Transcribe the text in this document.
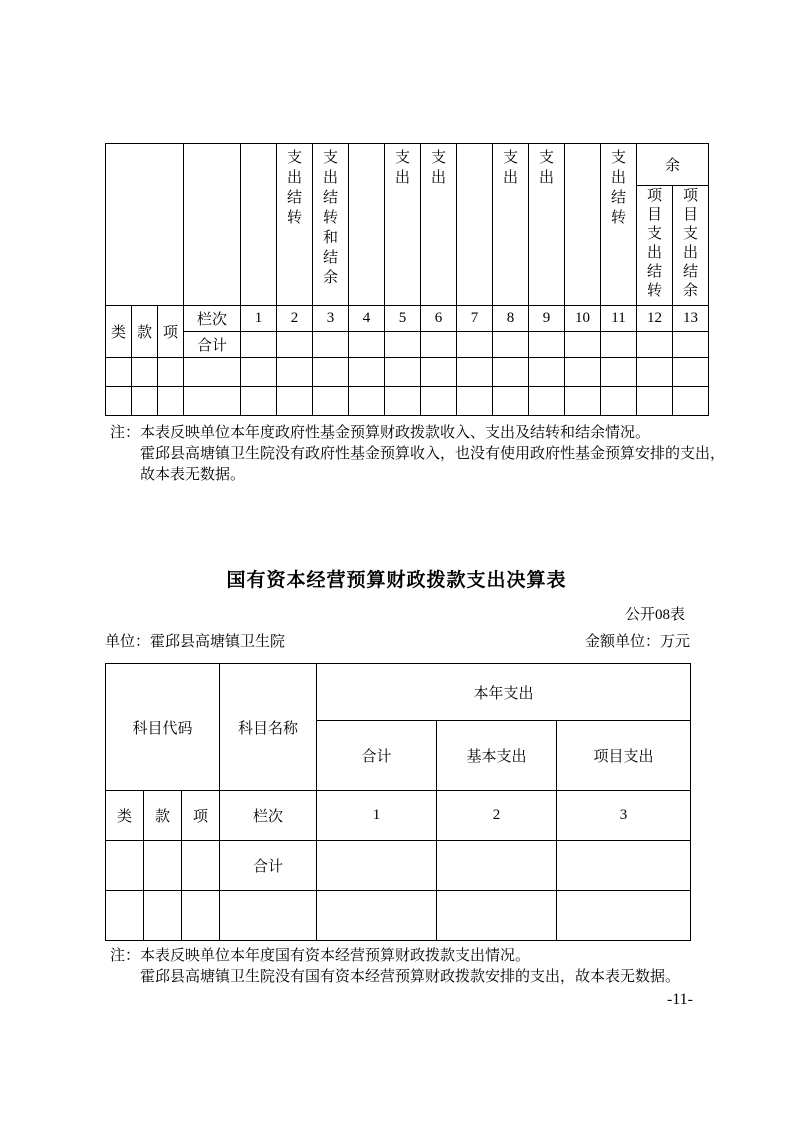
					支出结转	支出结转和结余		支出	支出		支出	支出		支出结转	余	

															项目支出结转	项目支出结余

类	款	项	栏次	1	2	3	4	5	6	7	8	9	10	11	12	13
			合计													

注：本表反映单位本年度政府性基金预算财政拨款收入、支出及结转和结余情况。
霍邱县高塘镇卫生院没有政府性基金预算收入，也没有使用政府性基金预算安排的支出，
故本表无数据。
国有资本经营预算财政拨款支出决算表
公开08表
单位：霍邱县高塘镇卫生院	金额单位：万元
科目代码			科目名称	本年支出		
				合计	基本支出	项目支出
类	款	项	栏次	1	2	3
			合计			

注：本表反映单位本年度国有资本经营预算财政拨款支出情况。
霍邱县高塘镇卫生院没有国有资本经营预算财政拨款安排的支出，故本表无数据。
-11-
